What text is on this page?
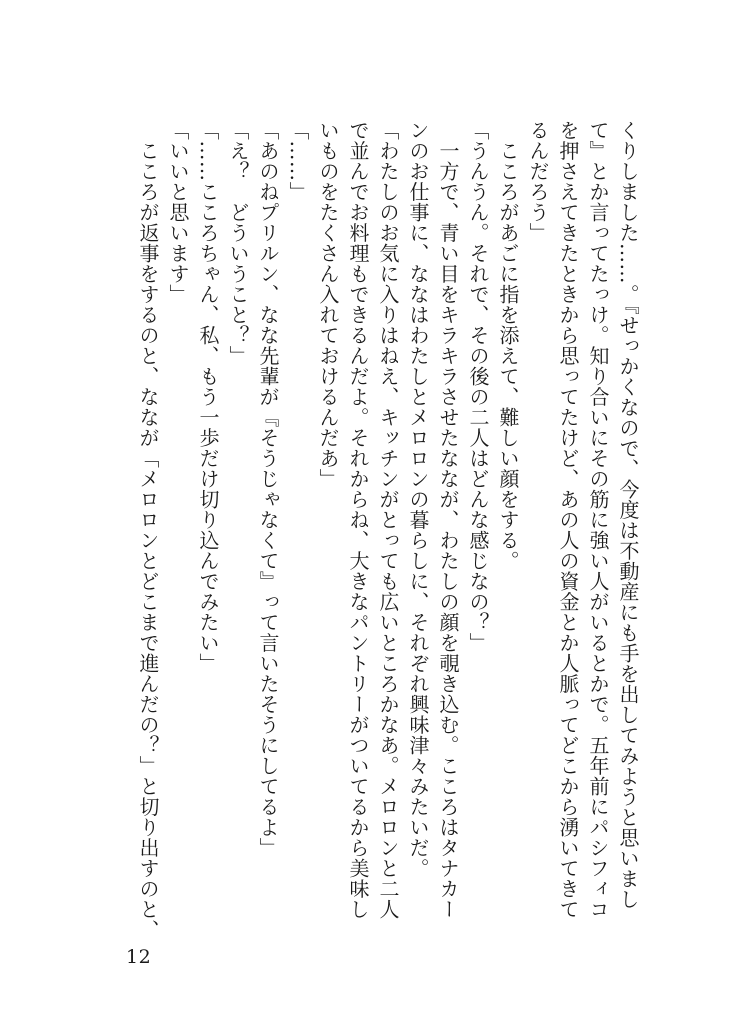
くりしました……。『せっかくなので、今度は不動産にも手を出してみようと思いまし
て』とか言ってたっけ。知り合いにその筋に強い人がいるとかで。五年前にパシフィコ
を押さえてきたときから思ってたけど、あの人の資金とか人脈ってどこから湧いてきて
るんだろう」
　こころがあごに指を添えて、難しい顔をする。
「うんうん。それで、その後の二人はどんな感じなの？」
　一方で、青い目をキラキラさせたななが、わたしの顔を覗き込む。こころはタナカー
ンのお仕事に、ななはわたしとメロロンの暮らしに、それぞれ興味津々みたいだ。
「わたしのお気に入りはねえ、キッチンがとっても広いところかなあ。メロロンと二人
で並んでお料理もできるんだよ。それからね、大きなパントリーがついてるから美味し
いものをたくさん入れておけるんだあ」
「……」
「あのねプリルン、なな先輩が『そうじゃなくて』って言いたそうにしてるよ」
「え？　どういうこと？」
「……こころちゃん、私、もう一歩だけ切り込んでみたい」
「いいと思います」
　こころが返事をするのと、ななが「メロロンとどこまで進んだの？」と切り出すのと、
12
